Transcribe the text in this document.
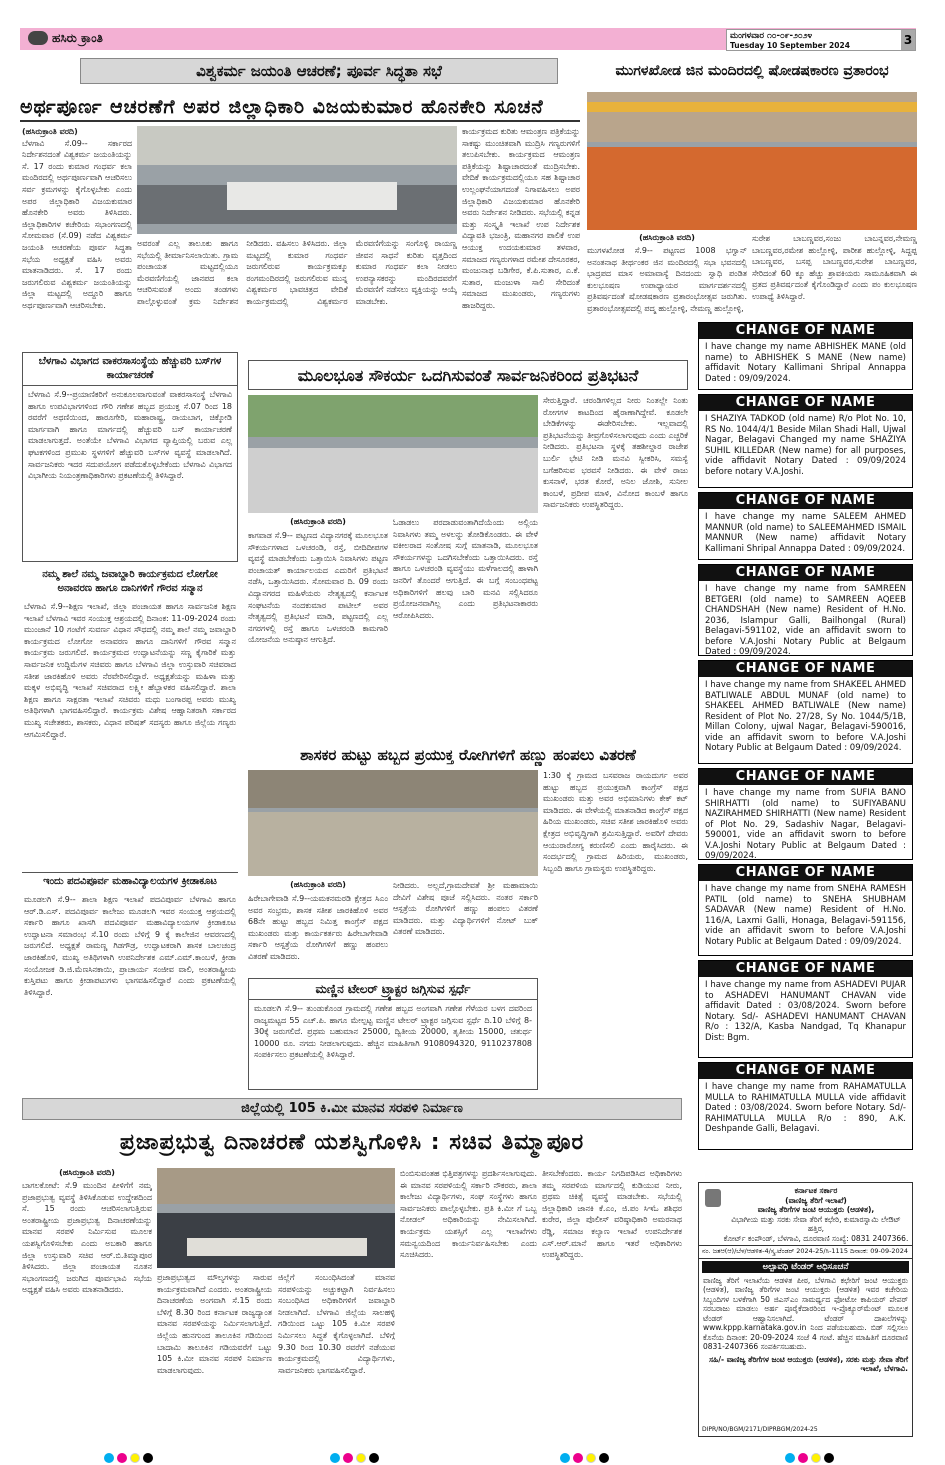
ಹಸಿರು ಕ್ರಾಂತಿ	ಮಂಗಳವಾರ ೧೦-೦೯-೨೦೨೪
Tuesday 10 September 2024	3
ವಿಶ್ವಕರ್ಮ ಜಯಂತಿ ಆಚರಣೆ; ಪೂರ್ವ ಸಿದ್ಧತಾ ಸಭೆ	ಮುಗಳಖೋಡ ಜಿನ ಮಂದಿರದಲ್ಲಿ ಷೋಡಷಕಾರಣ ವ್ರತಾರಂಭ
ಅರ್ಥಪೂರ್ಣ ಆಚರಣೆಗೆ ಅಪರ ಜಿಲ್ಲಾಧಿಕಾರಿ ವಿಜಯಕುಮಾರ ಹೊನಕೇರಿ ಸೂಚನೆ
(ಹಸಿರುಕ್ರಾಂತಿ ವರದಿ)

ಬೆಳಗಾವಿ ಸೆ.09-- ಸರ್ಕಾರದ ನಿರ್ದೇಶನದಂತೆ ವಿಶ್ವಕರ್ಮ ಜಯಂತಿಯನ್ನು ಸೆ. 17 ರಂದು ಕುಮಾರ ಗಂಧರ್ವ ಕಲಾ ಮಂದಿರದಲ್ಲಿ ಅರ್ಥಪೂರ್ಣವಾಗಿ ಆಚರಿಸಲು ಸರ್ವ ಕ್ರಮಗಳನ್ನು ಕೈಗೊಳ್ಳಬೇಕು ಎಂದು ಅಪರ ಜಿಲ್ಲಾಧಿಕಾರಿ ವಿಜಯಕುಮಾರ ಹೊನಕೇರಿ ಅವರು ತಿಳಿಸಿದರು. ಜಿಲ್ಲಾಧಿಕಾರಿಗಳ ಕಚೇರಿಯ ಸಭಾಂಗಣದಲ್ಲಿ ಸೋಮವಾರ (ಸೆ.09) ನಡೆದ ವಿಶ್ವಕರ್ಮ ಜಯಂತಿ ಆಚರಣೆಯ ಪೂರ್ವ ಸಿದ್ಧತಾ ಸಭೆಯ ಅಧ್ಯಕ್ಷತೆ ವಹಿಸಿ ಅವರು ಮಾತನಾಡಿದರು. ಸೆ. 17 ರಂದು ಜರುಗಲಿರುವ ವಿಶ್ವಕರ್ಮ ಜಯಂತಿಯನ್ನು ಜಿಲ್ಲಾ ಮಟ್ಟದಲ್ಲಿ ಅದ್ದೂರಿ ಹಾಗೂ ಅರ್ಥಪೂರ್ಣವಾಗಿ ಆಚರಿಸಬೇಕು.

ಅವರಂತೆ ಎಲ್ಲ ತಾಲೂಕು ಹಾಗೂ ಸಭೆಯಲ್ಲಿ ತೀರ್ಮಾನಿಸಲಾಯಿತು. ಗ್ರಾಮ ಪಂಚಾಯತ ಮಟ್ಟದಲ್ಲಿಯೂ ಮೆರವಣಿಗೆಯಲ್ಲಿ ಜಾನಪದ ಕಲಾ ಆಚರಿಸುವಂತೆ ಅಂದು ತಂಡಗಳು ಪಾಲ್ಗೊಳ್ಳುವಂತೆ ಕ್ರಮ ನಿರ್ದೇಶನ ನೀಡಿದರು. ವಹಿಸಲು ತಿಳಿಸಿದರು. ಜಿಲ್ಲಾ ಮಟ್ಟದಲ್ಲಿ ಕುಮಾರ ಗಂಧರ್ವ ಜರುಗಲಿರುವ ಕಾರ್ಯಕ್ರಮಕ್ಕೂ ರಂಗಮಂದಿರದಲ್ಲಿ ಜರುಗಲಿರುವ ಮುನ್ನ ವಿಶ್ವಕರ್ಮರ ಭಾವಚಿತ್ರದ ವೇದಿಕೆ ಕಾರ್ಯಕ್ರಮದಲ್ಲಿ ವಿಶ್ವಕರ್ಮರ ಮೆರವಣಿಗೆಯನ್ನು ಸಂಗೊಳ್ಳಿ ರಾಯಣ್ಣ ಜೀವನ ಸಾಧನೆ ಕುರಿತು ವೃತ್ತದಿಂದ ಕುಮಾರ ಗಂಧರ್ವ ಕಲಾ ನೀಡಲು ಉಪನ್ಯಾಸಕರನ್ನು ಮಂದಿರದವರೆಗೆ ಮೆರವಣಿಗೆ ನಡೆಸಲು ವ್ಯಕ್ತಿಯನ್ನು ಆಯ್ಕೆ ಮಾಡಬೇಕು.

ಕಾರ್ಯಕ್ರಮದ ಕುರಿತು ಆಮಂತ್ರಣ ಪತ್ರಿಕೆಯನ್ನು ಸಾಕಷ್ಟು ಮುಂಚಿತವಾಗಿ ಮುದ್ರಿಸಿ ಗಣ್ಯರುಗಳಿಗೆ ತಲುಪಿಸಬೇಕು. ಕಾರ್ಯಕ್ರಮದ ಆಮಂತ್ರಣ ಪತ್ರಿಕೆಯನ್ನು ಶಿಷ್ಟಾಚಾರದಂತೆ ಮುದ್ರಿಸಬೇಕು. ವೇದಿಕೆ ಕಾರ್ಯಕ್ರಮದಲ್ಲಿಯೂ ಸಹ ಶಿಷ್ಟಾಚಾರ ಉಲ್ಲಂಘನೆಯಾಗದಂತೆ ನಿಗಾವಹಿಸಲು ಅಪರ ಜಿಲ್ಲಾಧಿಕಾರಿ ವಿಜಯಕುಮಾರ ಹೊನಕೇರಿ ಅವರು ನಿರ್ದೇಶನ ನೀಡಿದರು. ಸಭೆಯಲ್ಲಿ ಕನ್ನಡ ಮತ್ತು ಸಂಸ್ಕೃತಿ ಇಲಾಖೆ ಉಪ ನಿರ್ದೇಶಕ ವಿದ್ಯಾವತಿ ಭಜಂತ್ರಿ, ಮಹಾನಗರ ಪಾಲಿಕೆ ಉಪ ಆಯುಕ್ತ ಉದಯಕುಮಾರ ತಳವಾರ, ಸಮಾಜದ ಗಣ್ಯರುಗಳಾದ ರಮೇಶ ದೇಸೂರಕರ, ಮಂಜುನಾಥ ಬಡಿಗೇರ, ಕೆ.ಪಿ.ಸುತಾರ, ಎ.ಕೆ. ಸುತಾರ, ಮಂಜುಳಾ ಸಾಲಿ ಸೇರಿದಂತೆ ಸಮಾಜದ ಮುಖಂಡರು, ಗಣ್ಯರುಗಳು ಹಾಜರಿದ್ದರು.

(ಹಸಿರುಕ್ರಾಂತಿ ವರದಿ)

ಮುಗಳಖೋಡ ಸೆ.9-- ಪಟ್ಟಣದ 1008 ಭಗ್ವಾನ್ ಅನಂತನಾಥ ತೀರ್ಥಂಕರ ಜಿನ ಮಂದಿರದಲ್ಲಿ ಸಭಾ ಭವನದಲ್ಲಿ ಭಾದ್ರಪದ ಮಾಸ ಅಮಾವಾಸ್ಯೆ ದಿನದಂದು ಸ್ವಾಧಿ ಪಂಡಿತ ಕುಲಭೂಷಣ ಉಪಾಧ್ಯಾಯರ ಮಾರ್ಗದರ್ಶನದಲ್ಲಿ ಪ್ರತಿವರ್ಷದಂತೆ ಷೋಡಷಕಾರಣ ವ್ರತಾರಂಭೋತ್ಸವ ಜರುಗಿತು. ವ್ರತಾರಂಭೋತ್ಸವದಲ್ಲಿ ಪದ್ಮ ಹುಲ್ಲೋಳ್ಳಿ, ನೇಮಣ್ಣ ಹುಲ್ಲೋಳ್ಳಿ,

ಸುರೇಶ ಬಾಬಣ್ಣವರ,ಸಂಜು ಬಾಬನ್ನವರ,ನೇಮಣ್ಣ ಬಾಬಣ್ಣವರ,ರಮೇಶ ಹುಲ್ಲೋಳ್ಳಿ, ಪಾರೀಶ ಹುಲ್ಲೋಳ್ಳಿ, ಸಿದ್ದಪ್ಪ ಬಾಬಣ್ಣವರ, ಬಸಪ್ಪ ಬಾಬಣ್ಣವರ,ಸುರೇಶ ಬಾಬಣ್ಣವರ, ಸೇರಿದಂತೆ 60 ಕ್ಕೂ ಹೆಚ್ಚು ಶ್ರಾವಕಿಯರು ಸಾಮೂಹಿಕವಾಗಿ ಈ ವ್ರತದ ಪ್ರತಿವರ್ಷದಂತೆ ಕೈಗೊಂಡಿದ್ದಾರೆ ಎಂದು ಪಂ ಕುಲಭೂಷಣ ಉಪಾಧ್ಯೆ ತಿಳಿಸಿದ್ದಾರೆ.

ಬೆಳಗಾವಿ ವಿಭಾಗದ ವಾಕರಸಾಸಂಸ್ಥೆಯ ಹೆಚ್ಚುವರಿ ಬಸ್‌ಗಳ ಕಾರ್ಯಾಚರಣೆ
ಬೆಳಗಾವಿ ಸೆ.9--ಪ್ರಯಾಣಿಕರಿಗೆ ಅನುಕೂಲವಾಗುವಂತೆ ವಾಕರಸಾಸಂಸ್ಥೆ ಬೆಳಗಾವಿ ಹಾಗೂ ಉಪವಿಭಾಗಗಳಿಂದ ಗೌರಿ ಗಣೇಶ ಹಬ್ಬದ ಪ್ರಯುಕ್ತ ಸೆ.07 ರಿಂದ 18 ರವರೆಗೆ ಅಥಣಿಯಿಂದ, ಹಾರೂಗೇರಿ, ಮಹಾರಾಷ್ಟ್ರ, ರಾಯಬಾಗ, ಚಿಕ್ಕೋಡಿ ಮಾರ್ಗವಾಗಿ ಹಾಗೂ ಮಾರ್ಗದಲ್ಲಿ ಹೆಚ್ಚುವರಿ ಬಸ್ ಕಾರ್ಯಾಚರಣೆ ಮಾಡಲಾಗುತ್ತದೆ. ಅಂತೆಯೇ ಬೆಳಗಾವಿ ವಿಭಾಗದ ವ್ಯಾಪ್ತಿಯಲ್ಲಿ ಬರುವ ಎಲ್ಲ ಘಟಕಗಳಿಂದ ಪ್ರಮುಖ ಸ್ಥಳಗಳಿಗೆ ಹೆಚ್ಚುವರಿ ಬಸ್‌ಗಳ ವ್ಯವಸ್ಥೆ ಮಾಡಲಾಗಿದೆ. ಸಾರ್ವಜನಿಕರು ಇದರ ಸದುಪಯೋಗ ಪಡೆದುಕೊಳ್ಳಬೇಕೆಂದು ಬೆಳಗಾವಿ ವಿಭಾಗದ ವಿಭಾಗೀಯ ನಿಯಂತ್ರಣಾಧಿಕಾರಿಗಳು ಪ್ರಕಟಣೆಯಲ್ಲಿ ತಿಳಿಸಿದ್ದಾರೆ.
ನಮ್ಮ ಶಾಲೆ ನಮ್ಮ ಜವಾಬ್ದಾರಿ ಕಾರ್ಯಕ್ರಮದ ಲೋಗೋ ಅನಾವರಣ ಹಾಗೂ ದಾನಿಗಳಿಗೆ ಗೌರವ ಸನ್ಮಾನ
ಬೆಳಗಾವಿ ಸೆ.9--ಶಿಕ್ಷಣ ಇಲಾಖೆ, ಜಿಲ್ಲಾ ಪಂಚಾಯತ ಹಾಗೂ ಸಾರ್ವಜನಿಕ ಶಿಕ್ಷಣ ಇಲಾಖೆ ಬೆಳಗಾವಿ ಇವರ ಸಂಯುಕ್ತ ಆಶ್ರಯದಲ್ಲಿ ದಿನಾಂಕ: 11-09-2024 ರಂದು ಮುಂಜಾನೆ 10 ಗಂಟೆಗೆ ಸುವರ್ಣ ವಿಧಾನ ಸೌಧದಲ್ಲಿ ನಮ್ಮ ಶಾಲೆ ನಮ್ಮ ಜವಾಬ್ದಾರಿ ಕಾರ್ಯಕ್ರಮದ ಲೋಗೋ ಅನಾವರಣ ಹಾಗೂ ದಾನಿಗಳಿಗೆ ಗೌರವ ಸನ್ಮಾನ ಕಾರ್ಯಕ್ರಮ ಜರುಗಲಿದೆ. ಕಾರ್ಯಕ್ರಮದ ಉದ್ಘಾಟನೆಯನ್ನು ಸಣ್ಣ ಕೈಗಾರಿಕೆ ಮತ್ತು ಸಾರ್ವಜನಿಕ ಉದ್ದಿಮೆಗಳ ಸಚಿವರು ಹಾಗೂ ಬೆಳಗಾವಿ ಜಿಲ್ಲಾ ಉಸ್ತುವಾರಿ ಸಚಿವರಾದ ಸತೀಶ ಜಾರಕಿಹೊಳಿ ಅವರು ನೆರವೇರಿಸಲಿದ್ದಾರೆ. ಅಧ್ಯಕ್ಷತೆಯನ್ನು ಮಹಿಳಾ ಮತ್ತು ಮಕ್ಕಳ ಅಭಿವೃದ್ಧಿ ಇಲಾಖೆ ಸಚಿವರಾದ ಲಕ್ಷ್ಮೀ ಹೆಬ್ಬಾಳಕರ ವಹಿಸಲಿದ್ದಾರೆ. ಶಾಲಾ ಶಿಕ್ಷಣ ಹಾಗೂ ಸಾಕ್ಷರತಾ ಇಲಾಖೆ ಸಚಿವರು ಮಧು ಬಂಗಾರಪ್ಪ ಅವರು ಮುಖ್ಯ ಅತಿಥಿಗಳಾಗಿ ಭಾಗವಹಿಸಲಿದ್ದಾರೆ. ಕಾರ್ಯಕ್ರಮ ವಿಶೇಷ ಆಹ್ವಾನಿತರಾಗಿ ಸರ್ಕಾರದ ಮುಖ್ಯ ಸಚೇತಕರು, ಶಾಸಕರು, ವಿಧಾನ ಪರಿಷತ್ ಸದಸ್ಯರು ಹಾಗೂ ಜಿಲ್ಲೆಯ ಗಣ್ಯರು ಆಗಮಿಸಲಿದ್ದಾರೆ.
ಇಂದು ಪದವಿಪೂರ್ವ ಮಹಾವಿದ್ಯಾಲಯಗಳ ಕ್ರೀಡಾಕೂಟ
ಮೂಡಲಗಿ ಸೆ.9-- ಶಾಲಾ ಶಿಕ್ಷಣ ಇಲಾಖೆ ಪದವಿಪೂರ್ವ ಬೆಳಗಾವಿ ಹಾಗೂ ಆರ್.ಡಿ.ಎಸ್. ಪದವಿಪೂರ್ವ ಕಾಲೇಜು ಮೂಡಲಗಿ ಇವರ ಸಂಯುಕ್ತ ಆಶ್ರಯದಲ್ಲಿ ಸರ್ಕಾರಿ ಹಾಗೂ ಖಾಸಗಿ ಪದವಿಪೂರ್ವ ಮಹಾವಿದ್ಯಾಲಯಗಳ ಕ್ರೀಡಾಕೂಟ ಉದ್ಘಾಟನಾ ಸಮಾರಂಭ ಸೆ.10 ರಂದು ಬೆಳಿಗ್ಗೆ 9 ಕ್ಕೆ ಕಾಲೇಜಿನ ಆವರಣದಲ್ಲಿ ಜರುಗಲಿದೆ. ಅಧ್ಯಕ್ಷತೆ ರಾಮಣ್ಣ ಗಿಡಗೌಡ್ರ, ಉದ್ಘಾಟಕರಾಗಿ ಶಾಸಕ ಬಾಲಚಂದ್ರ ಜಾರಕಿಹೊಳಿ, ಮುಖ್ಯ ಅತಿಥಿಗಳಾಗಿ ಉಪನಿರ್ದೇಶಕ ಎಮ್.ಎಮ್.ಕಾಂಬಳೆ, ಕ್ರೀಡಾ ಸಂಯೋಜಕ ಡಿ.ಜಿ.ಮೆಣಸಿನಕಾಯಿ, ಪ್ರಾಚಾರ್ಯ ಸಂಜೀವ ವಾಲಿ, ಅಂತರಾಷ್ಟ್ರೀಯ ಕುಸ್ತಿಪಟು ಹಾಗೂ ಕ್ರೀಡಾಪಟುಗಳು ಭಾಗವಹಿಸಲಿದ್ದಾರೆ ಎಂದು ಪ್ರಕಟಣೆಯಲ್ಲಿ ತಿಳಿಸಿದ್ದಾರೆ.
ಮೂಲಭೂತ ಸೌಕರ್ಯ ಒದಗಿಸುವಂತೆ ಸಾರ್ವಜನಿಕರಿಂದ ಪ್ರತಿಭಟನೆ
(ಹಸಿರುಕ್ರಾಂತಿ ವರದಿ)

ಕಾಗವಾಡ ಸೆ.9-- ಪಟ್ಟಣದ ವಿದ್ಯಾನಗರಕ್ಕೆ ಮೂಲಭೂತ ಸೌಕರ್ಯಗಳಾದ ಒಳಚರಂಡಿ, ರಸ್ತೆ, ಬೀದಿದೀಪಗಳ ವ್ಯವಸ್ಥೆ ಮಾಡಬೇಕೆಂದು ಒತ್ತಾಯಿಸಿ ನಿವಾಸಿಗಳು ಪಟ್ಟಣ ಪಂಚಾಯತ್ ಕಾರ್ಯಾಲಯದ ಎದುರಿಗೆ ಪ್ರತಿಭಟನೆ ನಡೆಸಿ, ಒತ್ತಾಯಿಸಿದರು. ಸೋಮವಾರ ದಿ. 09 ರಂದು ವಿದ್ಯಾನಗರದ ಮಹಿಳೆಯರು ನೇತೃತ್ವದಲ್ಲಿ ಕರ್ನಾಟಕ ಸಂಘಟನೆಯ ನಂದಕುಮಾರ ಪಾಟೀಲ್ ಅವರ ನೇತೃತ್ವದಲ್ಲಿ ಪ್ರತಿಭಟನೆ ಮಾಡಿ, ಪಟ್ಟಣದಲ್ಲಿ ಎಲ್ಲ ನಗರಗಳಲ್ಲಿ ರಸ್ತೆ ಹಾಗೂ ಒಳಚರಂಡಿ ಕಾಮಗಾರಿ ಯೋಜನೆಯ ಅನುಷ್ಠಾನ ಆಗುತ್ತಿದೆ.

ಓಡಾಡಲು ಪರದಾಡುವಂತಾಗಿದೆಯೆಂದು ಅಲ್ಲಿಯ ನಿವಾಸಿಗಳು ತಮ್ಮ ಅಳಲನ್ನು ತೋಡಿಕೊಂಡರು. ಈ ವೇಳೆ ವಕೀಲರಾದ ಸಂತೋಷ ಸುಗ್ಗೆ ಮಾತನಾಡಿ, ಮೂಲಭೂತ ಸೌಕರ್ಯಗಳನ್ನು ಒದಗಿಸಬೇಕೆಂದು ಒತ್ತಾಯಿಸಿದರು. ರಸ್ತೆ ಹಾಗೂ ಒಳಚರಂಡಿ ವ್ಯವಸ್ಥೆಯು ಮಳೆಗಾಲದಲ್ಲಿ ಹಾಳಾಗಿ ಜನರಿಗೆ ತೊಂದರೆ ಆಗುತ್ತಿದೆ. ಈ ಬಗ್ಗೆ ಸಂಬಂಧಪಟ್ಟ ಅಧಿಕಾರಿಗಳಿಗೆ ಹಲವು ಬಾರಿ ಮನವಿ ಸಲ್ಲಿಸಿದರೂ ಪ್ರಯೋಜನವಾಗಿಲ್ಲ ಎಂದು ಪ್ರತಿಭಟನಾಕಾರರು ಆರೋಪಿಸಿದರು.

ಸೇರುತ್ತಿದ್ದಾರೆ. ಚರಂಡಿಗಳಿಲ್ಲದ ನೀರು ನಿಂತಲ್ಲೇ ನಿಂತು ರೋಗಗಳ ಕಾಟದಿಂದ ಹೈರಾಣಾಗಿದ್ದೇವೆ. ಕೂಡಲೇ ಬೇಡಿಕೆಗಳನ್ನು ಈಡೇರಿಸಬೇಕು. ಇಲ್ಲವಾದಲ್ಲಿ ಪ್ರತಿಭಟನೆಯನ್ನು ತೀವ್ರಗೊಳಿಸಲಾಗುವುದು ಎಂದು ಎಚ್ಚರಿಕೆ ನೀಡಿದರು. ಪ್ರತಿಭಟನಾ ಸ್ಥಳಕ್ಕೆ ತಹಶೀಲ್ದಾರ ರಾಜೇಶ ಬುರ್ಲಿ ಭೇಟಿ ನೀಡಿ ಮನವಿ ಸ್ವೀಕರಿಸಿ, ಸಮಸ್ಯೆ ಬಗೆಹರಿಸುವ ಭರವಸೆ ನೀಡಿದರು. ಈ ವೇಳೆ ರಾಜು ಕುಸನಾಳೆ, ಭರತ ಕೋರೆ, ಅನಿಲ ಜೋಶಿ, ಸುನೀಲ ಕಾಂಬಳೆ, ಪ್ರದೀಪ ಮಾಳಿ, ವಿನೋದ ಕಾಂಬಳೆ ಹಾಗೂ ಸಾರ್ವಜನಿಕರು ಉಪಸ್ಥಿತರಿದ್ದರು.

ಶಾಸಕರ ಹುಟ್ಟು ಹಬ್ಬದ ಪ್ರಯುಕ್ತ ರೋಗಿಗಳಿಗೆ ಹಣ್ಣು ಹಂಪಲು ವಿತರಣೆ
(ಹಸಿರುಕ್ರಾಂತಿ ವರದಿ)

ಹಿರೇಬಾಗೇವಾಡಿ ಸೆ.9--ಯಮಕನಮರಡಿ ಕ್ಷೇತ್ರದ ಸಿಎಂ ಅವರ ಸಂಭ್ರಮ, ಶಾಸಕ ಸತೀಶ ಜಾರಕಿಹೊಳಿ ಅವರ 68ನೇ ಹುಟ್ಟು ಹಬ್ಬದ ನಿಮಿತ್ತ ಕಾಂಗ್ರೆಸ್ ಪಕ್ಷದ ಮುಖಂಡರು ಮತ್ತು ಕಾರ್ಯಕರ್ತರು ಹಿರೇಬಾಗೇವಾಡಿ ಸರ್ಕಾರಿ ಆಸ್ಪತ್ರೆಯ ರೋಗಿಗಳಿಗೆ ಹಣ್ಣು ಹಂಪಲು ವಿತರಣೆ ಮಾಡಿದರು.

ನೀಡಿದರು. ಅಲ್ಲದೆ,ಗ್ರಾಮದೇವತೆ ಶ್ರೀ ಮಹಾಮಾಯಿ ದೇವಿಗೆ ವಿಶೇಷ ಪೂಜೆ ಸಲ್ಲಿಸಿದರು. ನಂತರ ಸರ್ಕಾರಿ ಆಸ್ಪತ್ರೆಯ ರೋಗಿಗಳಿಗೆ ಹಣ್ಣು ಹಂಪಲು ವಿತರಣೆ ಮಾಡಿದರು. ಮತ್ತು ವಿದ್ಯಾರ್ಥಿಗಳಿಗೆ ನೋಟ್ ಬುಕ್ ವಿತರಣೆ ಮಾಡಿದರು.

1:30 ಕ್ಕೆ ಗ್ರಾಮದ ಬಸವರಾಜ ರಾಯದುರ್ಗ ಅವರ ಹುಟ್ಟು ಹಬ್ಬದ ಪ್ರಯುಕ್ತವಾಗಿ ಕಾಂಗ್ರೆಸ್ ಪಕ್ಷದ ಮುಖಂಡರು ಮತ್ತು ಅವರ ಅಭಿಮಾನಿಗಳು ಕೇಕ್ ಕಟ್ ಮಾಡಿದರು. ಈ ವೇಳೆಯಲ್ಲಿ ಮಾತನಾಡಿದ ಕಾಂಗ್ರೆಸ್ ಪಕ್ಷದ ಹಿರಿಯ ಮುಖಂಡರು, ಸಚಿವ ಸತೀಶ ಜಾರಕಿಹೊಳಿ ಅವರು ಕ್ಷೇತ್ರದ ಅಭಿವೃದ್ಧಿಗಾಗಿ ಶ್ರಮಿಸುತ್ತಿದ್ದಾರೆ. ಅವರಿಗೆ ದೇವರು ಆಯುರಾರೋಗ್ಯ ಕರುಣಿಸಲಿ ಎಂದು ಹಾರೈಸಿದರು. ಈ ಸಂದರ್ಭದಲ್ಲಿ ಗ್ರಾಮದ ಹಿರಿಯರು, ಮುಖಂಡರು, ಸಿಬ್ಬಂದಿ ಹಾಗೂ ಗ್ರಾಮಸ್ಥರು ಉಪಸ್ಥಿತರಿದ್ದರು.

ಮಣ್ಣಿನ ಟೇಲರ್ ಟ್ರ್ಯಾಕ್ಟರ ಜಗ್ಗಿಸುವ ಸ್ಪರ್ಧೆ
ಮೂಡಲಗಿ ಸೆ.9-- ತುಂಡುಕೊಂಡ ಗ್ರಾಮದಲ್ಲಿ ಗಣೇಶ ಹಬ್ಬದ ಅಂಗವಾಗಿ ಗಣೇಶ ಗೆಳೆಯರ ಬಳಗ ದವರಿಂದ ರಾಜ್ಯಮಟ್ಟದ 55 ಎಚ್.ಪಿ. ಹಾಗೂ ಮೇಲ್ಪಟ್ಟ ಮಣ್ಣಿನ ಟೇಲರ್ ಟ್ರ್ಯಾಕ್ಟರ ಜಗ್ಗಿಸುವ ಸ್ಪರ್ಧೆ ದಿ.10 ಬೆಳಿಗ್ಗೆ 8-30ಕ್ಕೆ ಜರುಗಲಿದೆ. ಪ್ರಥಮ ಬಹುಮಾನ 25000, ದ್ವಿತೀಯ 20000, ತೃತೀಯ 15000, ಚತುರ್ಥ 10000 ರೂ. ನಗದು ನೀಡಲಾಗುವುದು. ಹೆಚ್ಚಿನ ಮಾಹಿತಿಗಾಗಿ 9108094320, 9110237808 ಸಂಪರ್ಕಿಸಲು ಪ್ರಕಟಣೆಯಲ್ಲಿ ತಿಳಿಸಿದ್ದಾರೆ.
CHANGE OF NAME
I have change my name ABHISHEK MANE (old name) to ABHISHEK S MANE (New name) affidavit Notary Kallimani Shripal Annappa Dated : 09/09/2024.
CHANGE OF NAME
I SHAZIYA TADKOD (old name) R/o Plot No. 10, RS No. 1044/4/1 Beside Milan Shadi Hall, Ujwal Nagar, Belagavi Changed my name SHAZIYA SUHIL KILLEDAR (New name) for all purposes, vide affidavit Notary Dated : 09/09/2024 before notary V.A.Joshi.
CHANGE OF NAME
I have change my name SALEEM AHMED MANNUR (old name) to SALEEMAHMED ISMAIL MANNUR (New name) affidavit Notary Kallimani Shripal Annappa Dated : 09/09/2024.
CHANGE OF NAME
I have change my name from SAMREEN BETGERI (old name) to SAMREEN AQEEB CHANDSHAH (New name) Resident of H.No. 2036, Islampur Galli, Bailhongal (Rural) Belagavi-591102, vide an affidavit sworn to before V.A.Joshi Notary Public at Belgaum Dated : 09/09/2024.
CHANGE OF NAME
I have change my name from SHAKEEL AHMED BATLIWALE ABDUL MUNAF (old name) to SHAKEEL AHMED BATLIWALE (New name) Resident of Plot No. 27/28, Sy No. 1044/5/1B, Millan Colony, ujwal Nagar, Belagavi-590016, vide an affidavit sworn to before V.A.Joshi Notary Public at Belgaum Dated : 09/09/2024.
CHANGE OF NAME
I have change my name from SUFIA BANO SHIRHATTI (old name) to SUFIYABANU NAZIRAHMED SHIRHATTI (New name) Resident of Plot No. 29, Sadashiv Nagar, Belagavi-590001, vide an affidavit sworn to before V.A.Joshi Notary Public at Belgaum Dated : 09/09/2024.
CHANGE OF NAME
I have change my name from SNEHA RAMESH PATIL (old name) to SNEHA SHUBHAM SADAVAR (New name) Resident of H.No. 116/A, Laxmi Galli, Honaga, Belagavi-591156, vide an affidavit sworn to before V.A.Joshi Notary Public at Belgaum Dated : 09/09/2024.
CHANGE OF NAME
I have change my name from ASHADEVI PUJAR to ASHADEVI HANUMANT CHAVAN vide affidavit Dated : 03/08/2024. Sworn before Notary. Sd/- ASHADEVI HANUMANT CHAVAN R/o : 132/A, Kasba Nandgad, Tq Khanapur Dist: Bgm.
CHANGE OF NAME
I have change my name from RAHAMATULLA MULLA to RAHIMATULLA MULLA vide affidavit Dated : 03/08/2024. Sworn before Notary. Sd/- RAHIMATULLA MULLA R/o : 890, A.K. Deshpande Galli, Belagavi.
ಜಿಲ್ಲೆಯಲ್ಲಿ 105 ಕಿ.ಮೀ ಮಾನವ ಸರಪಳಿ ನಿರ್ಮಾಣ
ಪ್ರಜಾಪ್ರಭುತ್ವ ದಿನಾಚರಣೆ ಯಶಸ್ವಿಗೊಳಿಸಿ : ಸಚಿವ ತಿಮ್ಮಾಪೂರ
(ಹಸಿರುಕ್ರಾಂತಿ ವರದಿ)

ಬಾಗಲಕೋಟೆ: ಸೆ.9 ಮುಂದಿನ ಪೀಳಿಗೆಗೆ ನಮ್ಮ ಪ್ರಜಾಪ್ರಭುತ್ವ ವ್ಯವಸ್ಥೆ ತಿಳಿಸಿಕೊಡುವ ಉದ್ದೇಶದಿಂದ ಸೆ. 15 ರಂದು ಆಚರಿಸಲಾಗುತ್ತಿರುವ ಅಂತರಾಷ್ಟ್ರೀಯ ಪ್ರಜಾಪ್ರಭುತ್ವ ದಿನಾಚರಣೆಯನ್ನು ಮಾನವ ಸರಪಳಿ ನಿರ್ಮಿಸುವ ಮೂಲಕ ಯಶಸ್ವಿಗೊಳಿಸಬೇಕು ಎಂದು ಅಬಕಾರಿ ಹಾಗೂ ಜಿಲ್ಲಾ ಉಸ್ತುವಾರಿ ಸಚಿವ ಆರ್.ಬಿ.ತಿಮ್ಮಾಪೂರ ತಿಳಿಸಿದರು. ಜಿಲ್ಲಾ ಪಂಚಾಯತ ನೂತನ ಸಭಾಂಗಣದಲ್ಲಿ ಜರುಗಿದ ಪೂರ್ವಭಾವಿ ಸಭೆಯ ಅಧ್ಯಕ್ಷತೆ ವಹಿಸಿ ಅವರು ಮಾತನಾಡಿದರು.

ಪ್ರಜಾಪ್ರಭುತ್ವದ ಮೌಲ್ಯಗಳನ್ನು ಸಾರುವ ಕಾರ್ಯಕ್ರಮವಾಗಿದೆ ಎಂದರು. ಅಂತರಾಷ್ಟ್ರೀಯ ದಿನಾಚರಣೆಯ ಅಂಗವಾಗಿ ಸೆ.15 ರಂದು ಬೆಳಿಗ್ಗೆ 8.30 ರಿಂದ ಕರ್ನಾಟಕ ರಾಜ್ಯದ್ಯಾಂತ ಮಾನವ ಸರಪಳಿಯನ್ನು ನಿರ್ಮಿಸಲಾಗುತ್ತಿದೆ. ಜಿಲ್ಲೆಯ ಹುನಗುಂದ ತಾಲೂಕಿನ ಗಡಿಯಿಂದ ಬಾದಾಮಿ ತಾಲೂಕಿನ ಗಡಿಯವರೆಗೆ ಒಟ್ಟು 105 ಕಿ.ಮೀ ಮಾನವ ಸರಪಳಿ ನಿರ್ಮಾಣ ಮಾಡಲಾಗುವುದು.

ಜಿಲ್ಲೆಗೆ ಸಂಬಂಧಿಸಿದಂತೆ ಮಾನವ ಸರಪಳಿಯನ್ನು ಅಚ್ಚುಕಟ್ಟಾಗಿ ನಿರ್ವಹಿಸಲು ಸಂಬಂಧಿಸಿದ ಅಧಿಕಾರಿಗಳಿಗೆ ಜವಾಬ್ದಾರಿ ನೀಡಲಾಗಿದೆ. ಬೆಳಗಾವಿ ಜಿಲ್ಲೆಯ ಸಾಲಹಳ್ಳಿ ಗಡಿಯಿಂದ ಒಟ್ಟು 105 ಕಿ.ಮೀ ಸರಪಳಿ ನಿರ್ಮಿಸಲು ಸಿದ್ಧತೆ ಕೈಗೊಳ್ಳಲಾಗಿದೆ. ಬೆಳಿಗ್ಗೆ 9.30 ರಿಂದ 10.30 ರವರೆಗೆ ನಡೆಯುವ ಕಾರ್ಯಕ್ರಮದಲ್ಲಿ ವಿದ್ಯಾರ್ಥಿಗಳು, ಸಾರ್ವಜನಿಕರು ಭಾಗವಹಿಸಲಿದ್ದಾರೆ.

ಬಿಂಬಿಸುವಂತಹ ಭಿತ್ತಿಪತ್ರಗಳನ್ನು ಪ್ರದರ್ಶಿಸಲಾಗುವುದು. ಈ ಮಾನವ ಸರಪಳಿಯಲ್ಲಿ ಸರ್ಕಾರಿ ನೌಕರರು, ಶಾಲಾ ಕಾಲೇಜು ವಿದ್ಯಾರ್ಥಿಗಳು, ಸಂಘ ಸಂಸ್ಥೆಗಳು ಹಾಗೂ ಸಾರ್ವಜನಿಕರು ಪಾಲ್ಗೊಳ್ಳಬೇಕು. ಪ್ರತಿ ಕಿ.ಮೀ ಗೆ ಒಬ್ಬ ನೋಡಲ್ ಅಧಿಕಾರಿಯನ್ನು ನೇಮಿಸಲಾಗಿದೆ. ಕಾರ್ಯಕ್ರಮ ಯಶಸ್ಸಿಗೆ ಎಲ್ಲ ಇಲಾಖೆಗಳು ಸಮನ್ವಯದಿಂದ ಕಾರ್ಯನಿರ್ವಹಿಸಬೇಕು ಎಂದು ಸೂಚಿಸಿದರು.

ತೀಸಬೇಕೆಂದರು. ಕಾರ್ಯ ನಿಗದಿಪಡಿಸಿದ ಅಧಿಕಾರಿಗಳು ತಮ್ಮ ಸರಪಳಿಯ ಮಾರ್ಗದಲ್ಲಿ ಕುಡಿಯುವ ನೀರು, ಪ್ರಥಮ ಚಿಕಿತ್ಸೆ ವ್ಯವಸ್ಥೆ ಮಾಡಬೇಕು. ಸಭೆಯಲ್ಲಿ ಜಿಲ್ಲಾಧಿಕಾರಿ ಜಾನಕಿ ಕೆ.ಎಂ, ಜಿ.ಪಂ ಸಿಇಓ ಶಶಿಧರ ಕುರೇರ, ಜಿಲ್ಲಾ ಪೊಲೀಸ್ ವರಿಷ್ಠಾಧಿಕಾರಿ ಅಮರನಾಥ ರೆಡ್ಡಿ, ಸಮಾಜ ಕಲ್ಯಾಣ ಇಲಾಖೆ ಉಪನಿರ್ದೇಶಕ ಎಸ್.ಆರ್.ಮಾನೆ ಹಾಗೂ ಇತರೆ ಅಧಿಕಾರಿಗಳು ಉಪಸ್ಥಿತರಿದ್ದರು.

ಕರ್ನಾಟಕ ಸರ್ಕಾರ
(ವಾಣಿಜ್ಯ ತೆರಿಗೆ ಇಲಾಖೆ)
ವಾಣಿಜ್ಯ ತೆರಿಗೆಗಳ ಜಂಟಿ ಆಯುಕ್ತರು (ಆಡಳಿತ),
ವಿಭಾಗೀಯ ಮತ್ತು ಸರಕು ಸೇವಾ ತೆರಿಗೆ ಕಛೇರಿ, ಕುಮಾರಸ್ವಾಮಿ ಲೇಔಟ್ ಹತ್ತಿರ,
ಕೋರ್ಟ್ ಕಂಪೌಂಡ್, ಬೆಳಗಾವಿ, ದೂರವಾಣಿ ಸಂಖ್ಯೆ: 0831 2407366.
ನಂ. ಜತಆ(ಆ)/ಬೆಳ/ಆಡಳಿತ-4/ಸ್ಕ್ರ.ಟೆಂಡರ್ 2024-25/ಸಿ-1115 ದಿನಾಂಕ: 09-09-2024
ಅಲ್ಪಾವಧಿ ಟೆಂಡರ್ ಅಧಿಸೂಚನೆ
ವಾಣಿಜ್ಯ ತೆರಿಗೆ ಇಲಾಖೆಯ ಆಡಳಿತ ಪೀಠ, ಬೆಳಗಾವಿ ಕಛೇರಿಗೆ ಜಂಟಿ ಆಯುಕ್ತರು (ಆಡಳಿತ), ವಾಣಿಜ್ಯ ತೆರಿಗೆಗಳ ಜಂಟಿ ಆಯುಕ್ತರು (ಆಡಳಿತ) ಇವರ ಕಚೇರಿಯ ಸಿಬ್ಬಂದಿಗಳ ಬಳಕೆಗಾಗಿ 50 ಜಿಎಸ್‌ಎಂ ಸಾಮರ್ಥ್ಯದ ಫೋಟೋ ಕಾಪಿಯರ್ ಪೇಪರ್ ಸರಬರಾಜು ಮಾಡಲು ಅರ್ಹ ಪೂರೈಕೆದಾರರಿಂದ ಇ-ಪ್ರೊಕ್ಯೂರ್‌ಮೆಂಟ್ ಮೂಲಕ ಟೆಂಡರ್ ಆಹ್ವಾನಿಸಲಾಗಿದೆ. ಟೆಂಡರ್ ದಾಖಲೆಗಳನ್ನು www.kppp.karnataka.gov.in ನಿಂದ ಪಡೆಯಬಹುದು. ಬಿಡ್ ಸಲ್ಲಿಸಲು ಕೊನೆಯ ದಿನಾಂಕ: 20-09-2024 ಸಂಜೆ 4 ಗಂಟೆ. ಹೆಚ್ಚಿನ ಮಾಹಿತಿಗೆ ದೂರವಾಣಿ 0831-2407366 ಸಂಪರ್ಕಿಸಬಹುದು.
ಸಹಿ/- ವಾಣಿಜ್ಯ ತೆರಿಗೆಗಳ ಜಂಟಿ ಆಯುಕ್ತರು (ಆಡಳಿತ), ಸರಕು ಮತ್ತು ಸೇವಾ ತೆರಿಗೆ ಇಲಾಖೆ, ಬೆಳಗಾವಿ.
DIPR/NO/BGM/2171/DIPRBGM/2024-25
